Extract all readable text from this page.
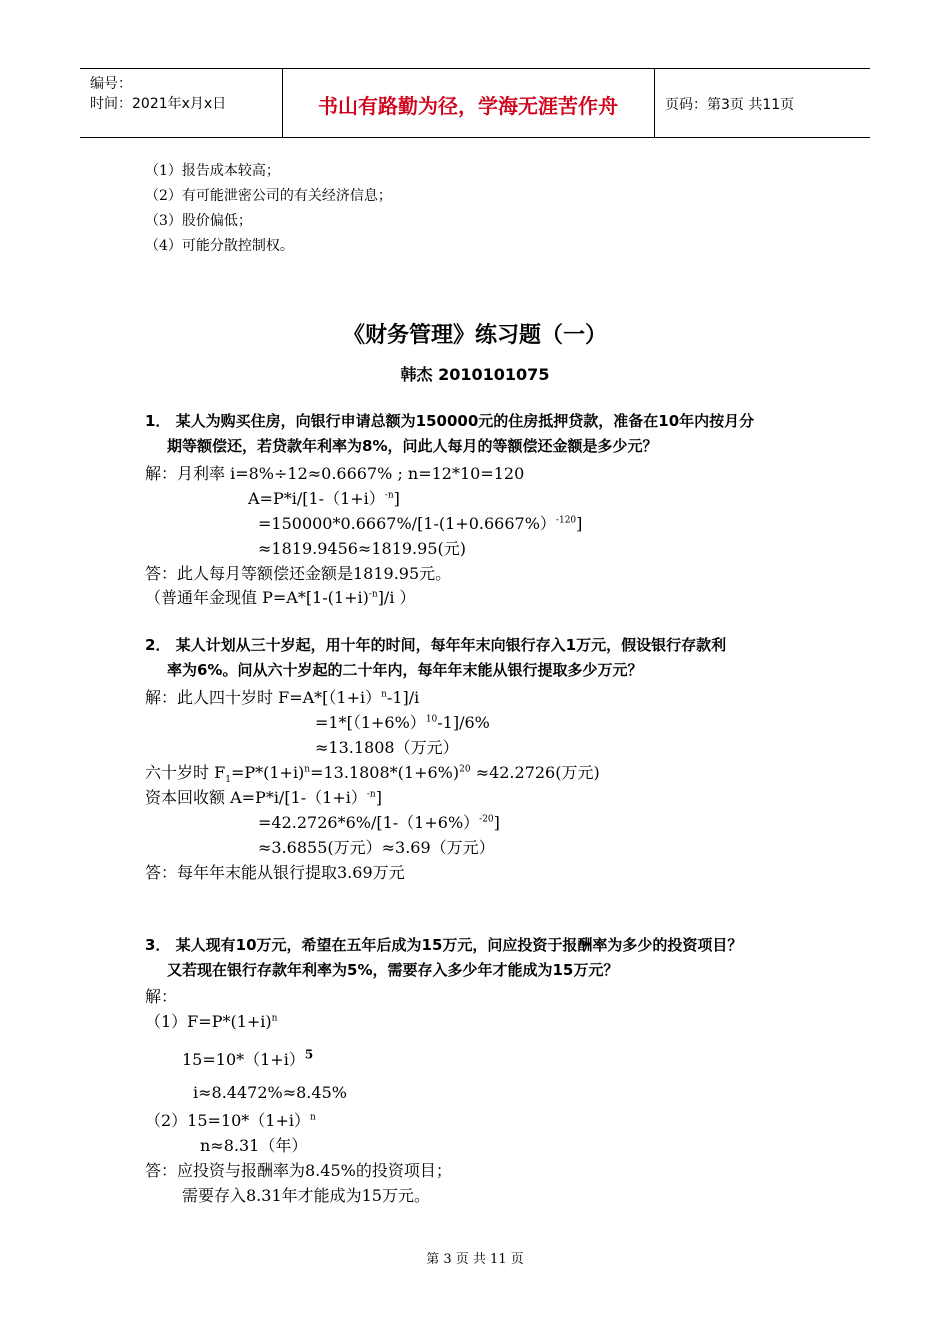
编号：
时间：2021年x月x日	书山有路勤为径，学海无涯苦作舟	页码：第3页 共11页
（1）报告成本较高；
（2）有可能泄密公司的有关经济信息；
（3）股价偏低；
（4）可能分散控制权。
《财务管理》练习题（一）
韩杰 2010101075
1． 某人为购买住房，向银行申请总额为150000元的住房抵押贷款，准备在10年内按月分
期等额偿还，若贷款年利率为8%，问此人每月的等额偿还金额是多少元？
解：月利率 i=8%÷12≈0.6667% ; n=12*10=120
$A=P*i/[1-(1+i)^{-n}]$
=150000*0.6667%/[1-(1+0.6667%）$^{-120}$]
≈1819.9456≈1819.95(元)
答：此人每月等额偿还金额是1819.95元。
（普通年金现值 $P=A*[1-(1+i)^{-n}]/i$ ）
2． 某人计划从三十岁起，用十年的时间，每年年末向银行存入1万元，假设银行存款利
率为6%。问从六十岁起的二十年内，每年年末能从银行提取多少万元？
解：此人四十岁时 $F=A*[(1+i)^n-1]/i$
$=1*[(1+6\%)^{10}-1]/6\%$
≈13.1808（万元）
六十岁时 $F_1=P*(1+i)^n=13.1808*(1+6\%)^{20} \approx 42.2726$(万元)
资本回收额 $A=P*i/[1-(1+i)^{-n}]$
$=42.2726*6\%/[1-(1+6\%)^{-20}]$
≈3.6855(万元）≈3.69（万元）
答：每年年末能从银行提取3.69万元
3． 某人现有10万元，希望在五年后成为15万元，问应投资于报酬率为多少的投资项目？
又若现在银行存款年利率为5%，需要存入多少年才能成为15万元？
解：
$(1)F=P*(1+i)^n$
$15=10*(1+i)^5$
i≈8.4472%≈8.45%
$(2)15=10*(1+i)^n$
n≈8.31（年）
答：应投资与报酬率为8.45%的投资项目；
需要存入8.31年才能成为15万元。
第 3 页 共 11 页
